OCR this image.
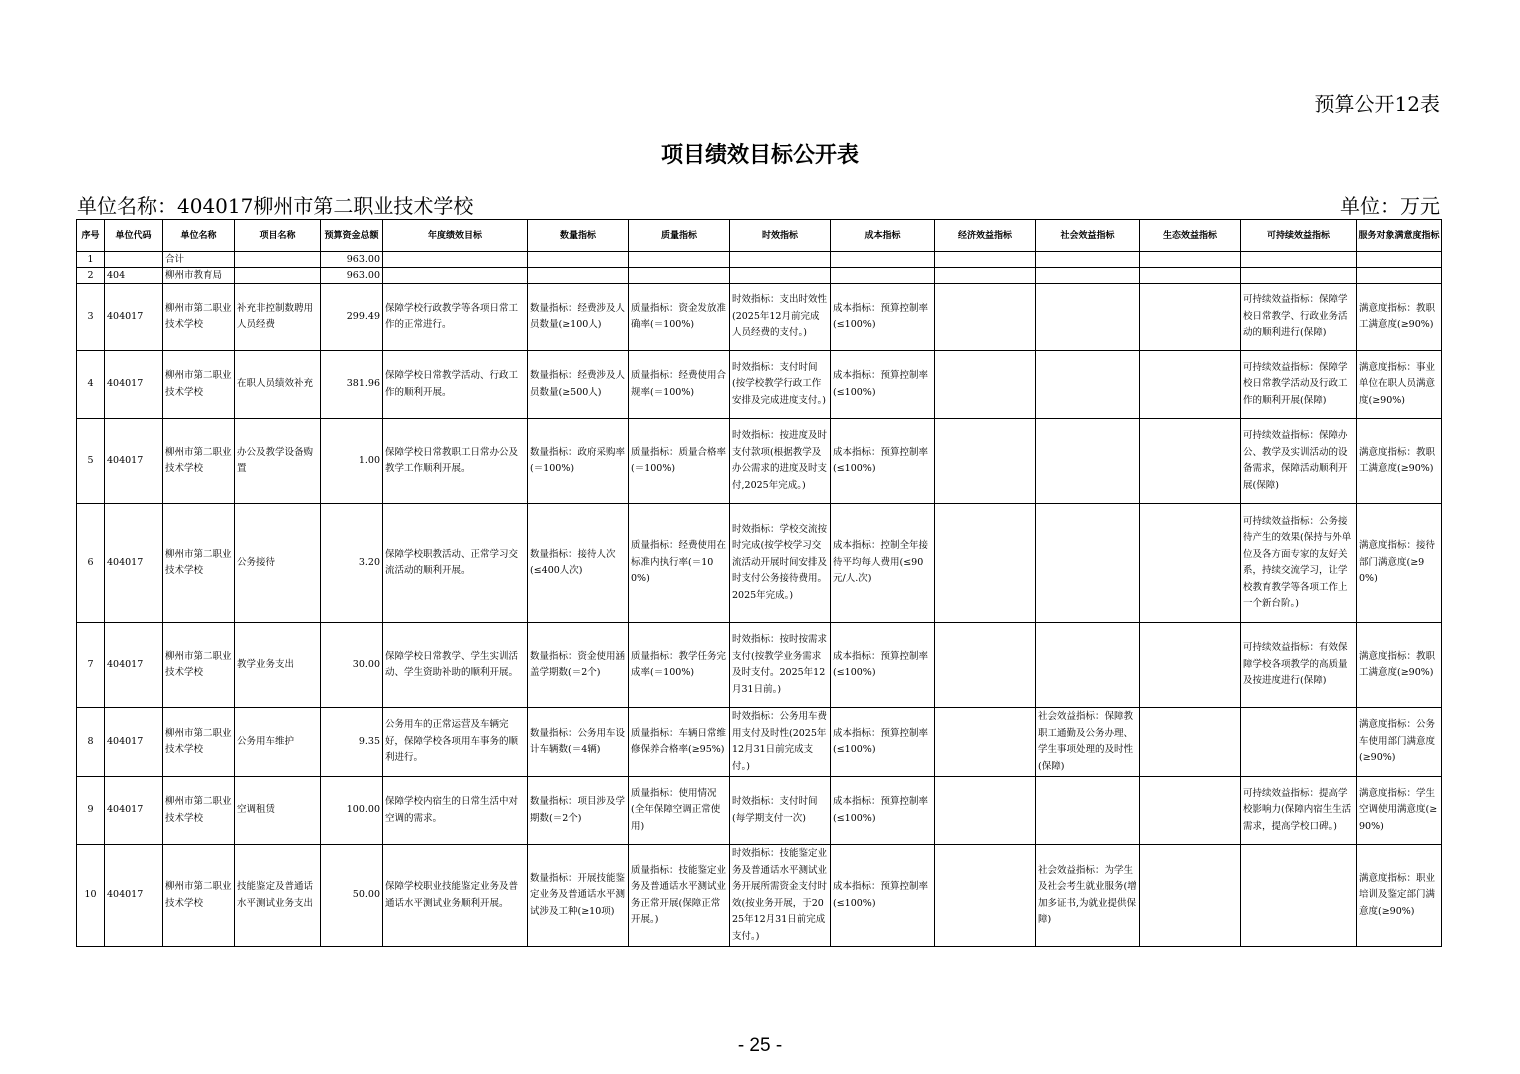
预算公开12表
项目绩效目标公开表
单位名称：404017柳州市第二职业技术学校	单位：万元
序号	单位代码	单位名称	项目名称	预算资金总额	年度绩效目标	数量指标	质量指标	时效指标	成本指标	经济效益指标	社会效益指标	生态效益指标	可持续效益指标	服务对象满意度指标
1		合计		963.00										
2	404	柳州市教育局		963.00										
3	404017	柳州市第二职业技术学校	补充非控制数聘用人员经费	299.49	保障学校行政教学等各项日常工作的正常进行。	数量指标：经费涉及人员数量(≥100人)	质量指标：资金发放准确率(＝100%)	时效指标：支出时效性(2025年12月前完成人员经费的支付。)	成本指标：预算控制率(≤100%)				可持续效益指标：保障学校日常教学、行政业务活动的顺利进行(保障)	满意度指标：教职工满意度(≥90%)
4	404017	柳州市第二职业技术学校	在职人员绩效补充	381.96	保障学校日常教学活动、行政工作的顺利开展。	数量指标：经费涉及人员数量(≥500人)	质量指标：经费使用合规率(＝100%)	时效指标：支付时间(按学校教学行政工作安排及完成进度支付。)	成本指标：预算控制率(≤100%)				可持续效益指标：保障学校日常教学活动及行政工作的顺利开展(保障)	满意度指标：事业单位在职人员满意度(≥90%)
5	404017	柳州市第二职业技术学校	办公及教学设备购置	1.00	保障学校日常教职工日常办公及教学工作顺利开展。	数量指标：政府采购率(＝100%)	质量指标：质量合格率(＝100%)	时效指标：按进度及时支付款项(根据教学及办公需求的进度及时支付,2025年完成。)	成本指标：预算控制率(≤100%)				可持续效益指标：保障办公、教学及实训活动的设备需求，保障活动顺利开展(保障)	满意度指标：教职工满意度(≥90%)
6	404017	柳州市第二职业技术学校	公务接待	3.20	保障学校职教活动、正常学习交流活动的顺利开展。	数量指标：接待人次(≤400人次)	质量指标：经费使用在标准内执行率(＝100%)	时效指标：学校交流按时完成(按学校学习交流活动开展时间安排及时支付公务接待费用。2025年完成。)	成本指标：控制全年接待平均每人费用(≤90元/人.次)				可持续效益指标：公务接待产生的效果(保持与外单位及各方面专家的友好关系，持续交流学习，让学校教育教学等各项工作上一个新台阶。)	满意度指标：接待部门满意度(≥90%)
7	404017	柳州市第二职业技术学校	教学业务支出	30.00	保障学校日常教学、学生实训活动、学生资助补助的顺利开展。	数量指标：资金使用涵盖学期数(＝2个)	质量指标：教学任务完成率(＝100%)	时效指标：按时按需求支付(按教学业务需求及时支付。2025年12月31日前。)	成本指标：预算控制率(≤100%)				可持续效益指标：有效保障学校各项教学的高质量及按进度进行(保障)	满意度指标：教职工满意度(≥90%)
8	404017	柳州市第二职业技术学校	公务用车维护	9.35	公务用车的正常运营及车辆完好，保障学校各项用车事务的顺利进行。	数量指标：公务用车设计车辆数(＝4辆)	质量指标：车辆日常维修保养合格率(≥95%)	时效指标：公务用车费用支付及时性(2025年12月31日前完成支付。)	成本指标：预算控制率(≤100%)		社会效益指标：保障教职工通勤及公务办理、学生事项处理的及时性(保障)			满意度指标：公务车使用部门满意度(≥90%)
9	404017	柳州市第二职业技术学校	空调租赁	100.00	保障学校内宿生的日常生活中对空调的需求。	数量指标：项目涉及学期数(＝2个)	质量指标：使用情况(全年保障空调正常使用)	时效指标：支付时间(每学期支付一次)	成本指标：预算控制率(≤100%)				可持续效益指标：提高学校影响力(保障内宿生生活需求，提高学校口碑。)	满意度指标：学生空调使用满意度(≥90%)
10	404017	柳州市第二职业技术学校	技能鉴定及普通话水平测试业务支出	50.00	保障学校职业技能鉴定业务及普通话水平测试业务顺利开展。	数量指标：开展技能鉴定业务及普通话水平测试涉及工种(≥10项)	质量指标：技能鉴定业务及普通话水平测试业务正常开展(保障正常开展。)	时效指标：技能鉴定业务及普通话水平测试业务开展所需资金支付时效(按业务开展，于2025年12月31日前完成支付。)	成本指标：预算控制率(≤100%)		社会效益指标：为学生及社会考生就业服务(增加多证书,为就业提供保障)			满意度指标：职业培训及鉴定部门满意度(≥90%)
- 25 -
